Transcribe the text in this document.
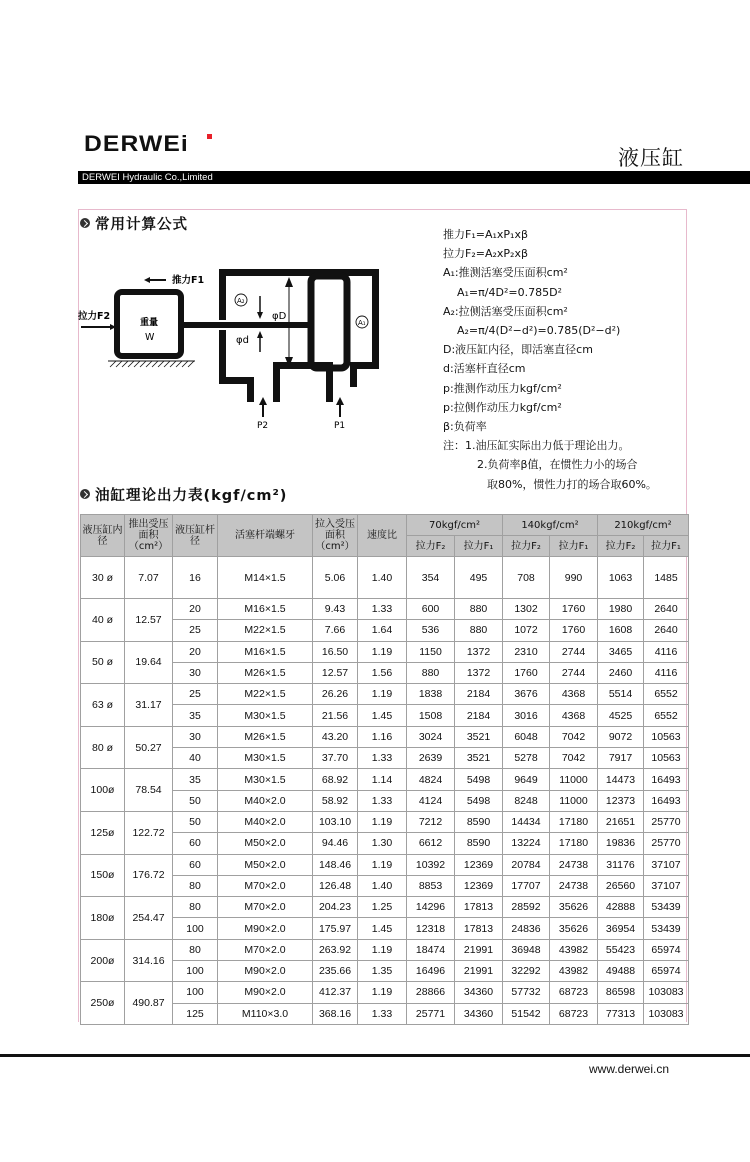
DERWEi
液压缸
DERWEI Hydraulic Co.,Limited
常用计算公式
推力F1
拉力F2
重量
W
φD
φd
A₂
A₁
P2	P1
推力F₁=A₁xP₁xβ
拉力F₂=A₂xP₂xβ
A₁:推测活塞受压面积cm²
A₁=π/4D²=0.785D²
A₂:拉侧活塞受压面积cm²
A₂=π/4(D²−d²)=0.785(D²−d²)
D:液压缸内径，即活塞直径cm
d:活塞杆直径cm
p:推测作动压力kgf/cm²
p:拉侧作动压力kgf/cm²
β:负荷率
注：1.油压缸实际出力低于理论出力。
2.负荷率β值，在惯性力小的场合
取80%，惯性力打的场合取60%。
油缸理论出力表(kgf/cm²)
液压缸内径	推出受压面积（cm²）	液压缸杆径	活塞杆端螺牙	拉入受压面积（cm²）	速度比	70kgf/cm²		140kgf/cm²		210kgf/cm²	
						拉力F₂	拉力F₁	拉力F₂	拉力F₁	拉力F₂	拉力F₁
30 ø	7.07	16	M14×1.5	5.06	1.40	354	495	708	990	1063	1485
40 ø	12.57	20	M16×1.5	9.43	1.33	600	880	1302	1760	1980	2640
		25	M22×1.5	7.66	1.64	536	880	1072	1760	1608	2640
50 ø	19.64	20	M16×1.5	16.50	1.19	1150	1372	2310	2744	3465	4116
		30	M26×1.5	12.57	1.56	880	1372	1760	2744	2460	4116
63 ø	31.17	25	M22×1.5	26.26	1.19	1838	2184	3676	4368	5514	6552
		35	M30×1.5	21.56	1.45	1508	2184	3016	4368	4525	6552
80 ø	50.27	30	M26×1.5	43.20	1.16	3024	3521	6048	7042	9072	10563
		40	M30×1.5	37.70	1.33	2639	3521	5278	7042	7917	10563
100ø	78.54	35	M30×1.5	68.92	1.14	4824	5498	9649	11000	14473	16493
		50	M40×2.0	58.92	1.33	4124	5498	8248	11000	12373	16493
125ø	122.72	50	M40×2.0	103.10	1.19	7212	8590	14434	17180	21651	25770
		60	M50×2.0	94.46	1.30	6612	8590	13224	17180	19836	25770
150ø	176.72	60	M50×2.0	148.46	1.19	10392	12369	20784	24738	31176	37107
		80	M70×2.0	126.48	1.40	8853	12369	17707	24738	26560	37107
180ø	254.47	80	M70×2.0	204.23	1.25	14296	17813	28592	35626	42888	53439
		100	M90×2.0	175.97	1.45	12318	17813	24836	35626	36954	53439
200ø	314.16	80	M70×2.0	263.92	1.19	18474	21991	36948	43982	55423	65974
		100	M90×2.0	235.66	1.35	16496	21991	32292	43982	49488	65974
250ø	490.87	100	M90×2.0	412.37	1.19	28866	34360	57732	68723	86598	103083
		125	M110×3.0	368.16	1.33	25771	34360	51542	68723	77313	103083
www.derwei.cn
